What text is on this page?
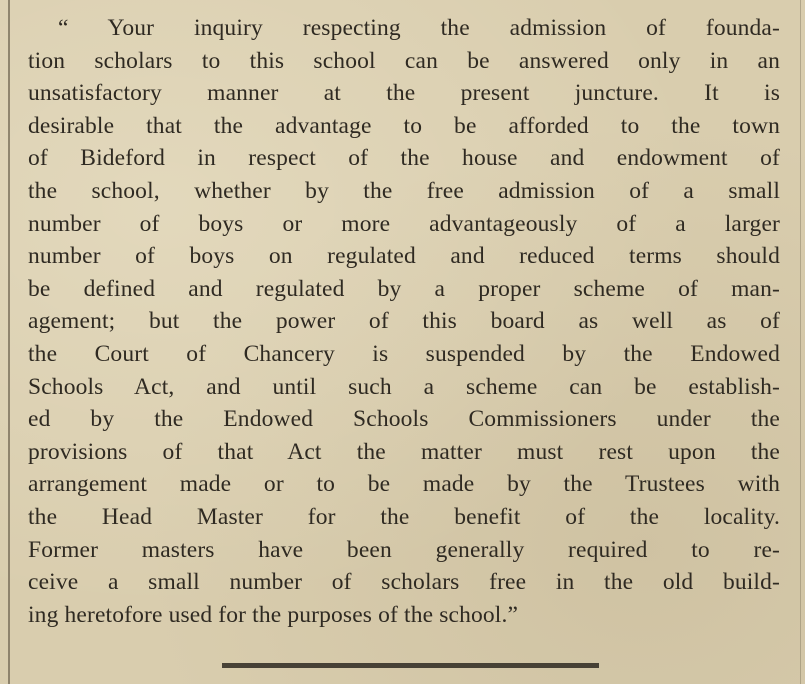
“ Your inquiry respecting the admission of founda-
tion scholars to this school can be answered only in an
unsatisfactory manner at the present juncture. It is
desirable that the advantage to be afforded to the town
of Bideford in respect of the house and endowment of
the school, whether by the free admission of a small
number of boys or more advantageously of a larger
number of boys on regulated and reduced terms should
be defined and regulated by a proper scheme of man-
agement; but the power of this board as well as of
the Court of Chancery is suspended by the Endowed
Schools Act, and until such a scheme can be establish-
ed by the Endowed Schools Commissioners under the
provisions of that Act the matter must rest upon the
arrangement made or to be made by the Trustees with
the Head Master for the benefit of the locality.
Former masters have been generally required to re-
ceive a small number of scholars free in the old build-
ing heretofore used for the purposes of the school.”
